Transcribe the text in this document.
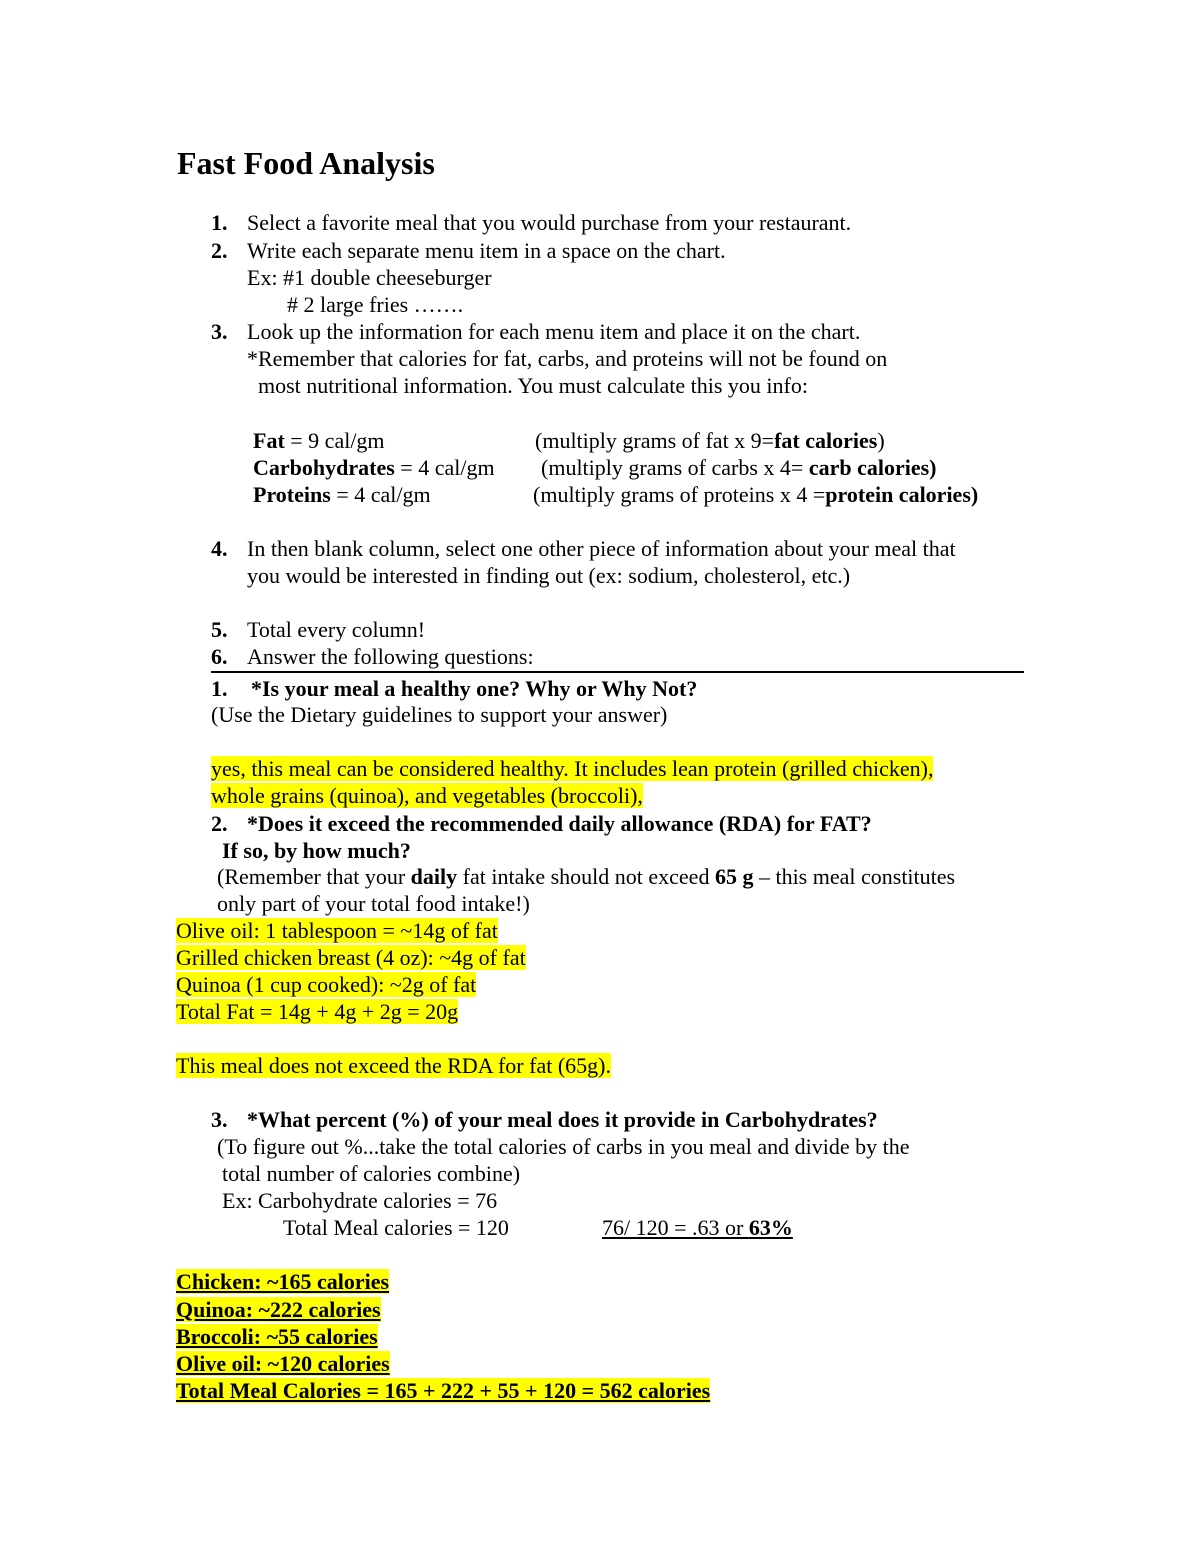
Fast Food Analysis
1. Select a favorite meal that you would purchase from your restaurant.
2. Write each separate menu item in a space on the chart.
Ex: #1 double cheeseburger
# 2 large fries …….
3. Look up the information for each menu item and place it on the chart.
*Remember that calories for fat, carbs, and proteins will not be found on
most nutritional information. You must calculate this you info:
Fat = 9 cal/gm	(multiply grams of fat x 9=fat calories)
Carbohydrates = 4 cal/gm (multiply grams of carbs x 4= carb calories)
Proteins = 4 cal/gm	(multiply grams of proteins x 4 =protein calories)
4. In then blank column, select one other piece of information about your meal that
you would be interested in finding out (ex: sodium, cholesterol, etc.)
5. Total every column!
6. Answer the following questions:
1. *Is your meal a healthy one? Why or Why Not?
(Use the Dietary guidelines to support your answer)
yes, this meal can be considered healthy. It includes lean protein (grilled chicken),
whole grains (quinoa), and vegetables (broccoli),
2. *Does it exceed the recommended daily allowance (RDA) for FAT?
If so, by how much?
(Remember that your daily fat intake should not exceed 65 g – this meal constitutes
only part of your total food intake!)
Olive oil: 1 tablespoon = ~14g of fat
Grilled chicken breast (4 oz): ~4g of fat
Quinoa (1 cup cooked): ~2g of fat
Total Fat = 14g + 4g + 2g = 20g
This meal does not exceed the RDA for fat (65g).
3. *What percent (%) of your meal does it provide in Carbohydrates?
(To figure out %...take the total calories of carbs in you meal and divide by the
total number of calories combine)
Ex: Carbohydrate calories = 76
Total Meal calories = 120	76/ 120 = .63 or 63%
Chicken: ~165 calories
Quinoa: ~222 calories
Broccoli: ~55 calories
Olive oil: ~120 calories
Total Meal Calories = 165 + 222 + 55 + 120 = 562 calories
